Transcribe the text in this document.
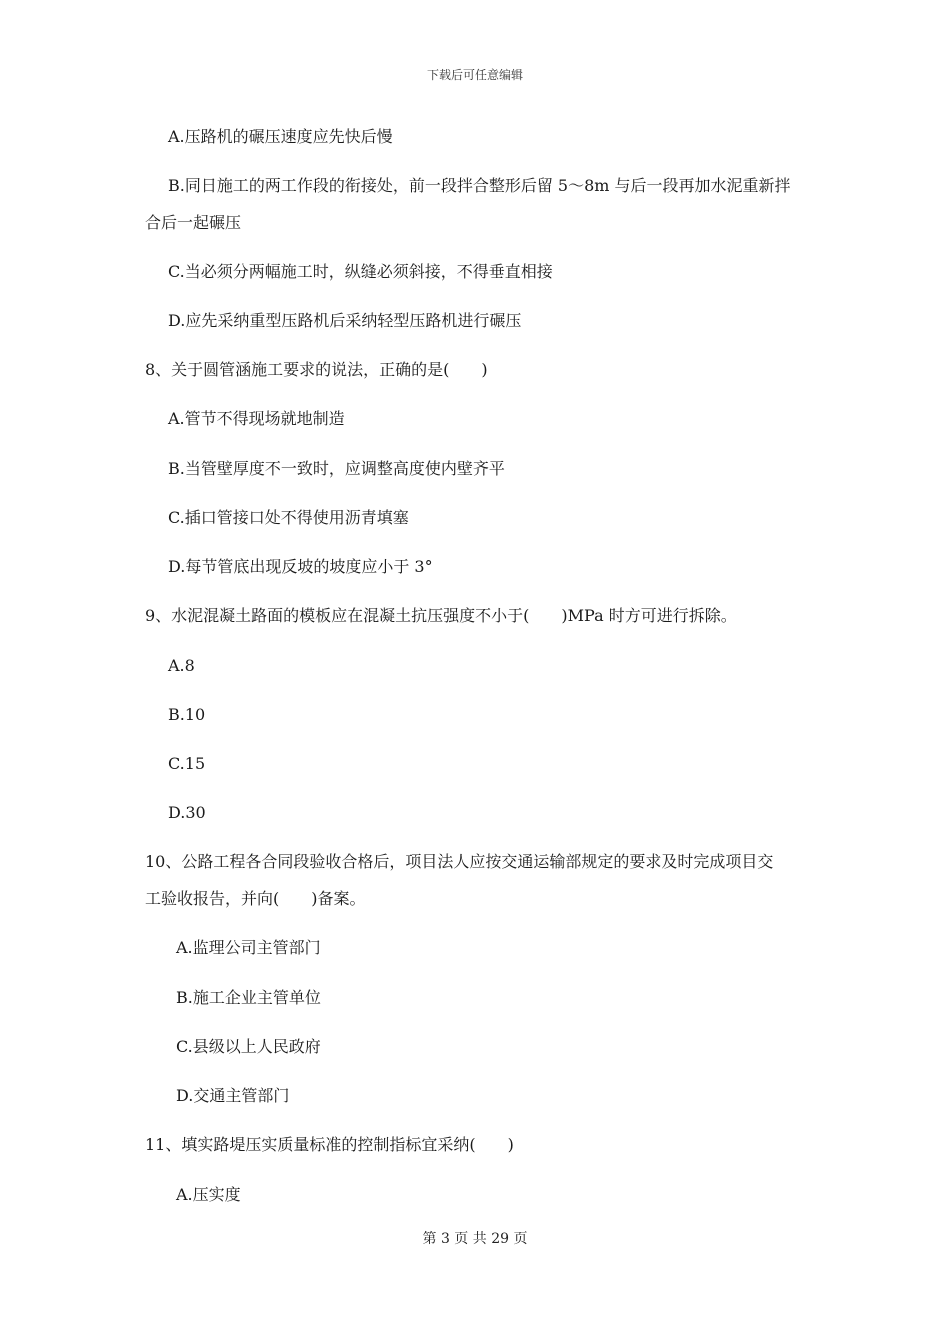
下载后可任意编辑
A.压路机的碾压速度应先快后慢
B.同日施工的两工作段的衔接处，前一段拌合整形后留 5～8m 与后一段再加水泥重新拌
合后一起碾压
C.当必须分两幅施工时，纵缝必须斜接，不得垂直相接
D.应先采纳重型压路机后采纳轻型压路机进行碾压
8、关于圆管涵施工要求的说法，正确的是(　　)
A.管节不得现场就地制造
B.当管壁厚度不一致时，应调整高度使内壁齐平
C.插口管接口处不得使用沥青填塞
D.每节管底出现反坡的坡度应小于 3°
9、水泥混凝土路面的模板应在混凝土抗压强度不小于(　　)MPa 时方可进行拆除。
A.8
B.10
C.15
D.30
10、公路工程各合同段验收合格后，项目法人应按交通运输部规定的要求及时完成项目交
工验收报告，并向(　　)备案。
A.监理公司主管部门
B.施工企业主管单位
C.县级以上人民政府
D.交通主管部门
11、填实路堤压实质量标准的控制指标宜采纳(　　)
A.压实度
第 3 页 共 29 页
